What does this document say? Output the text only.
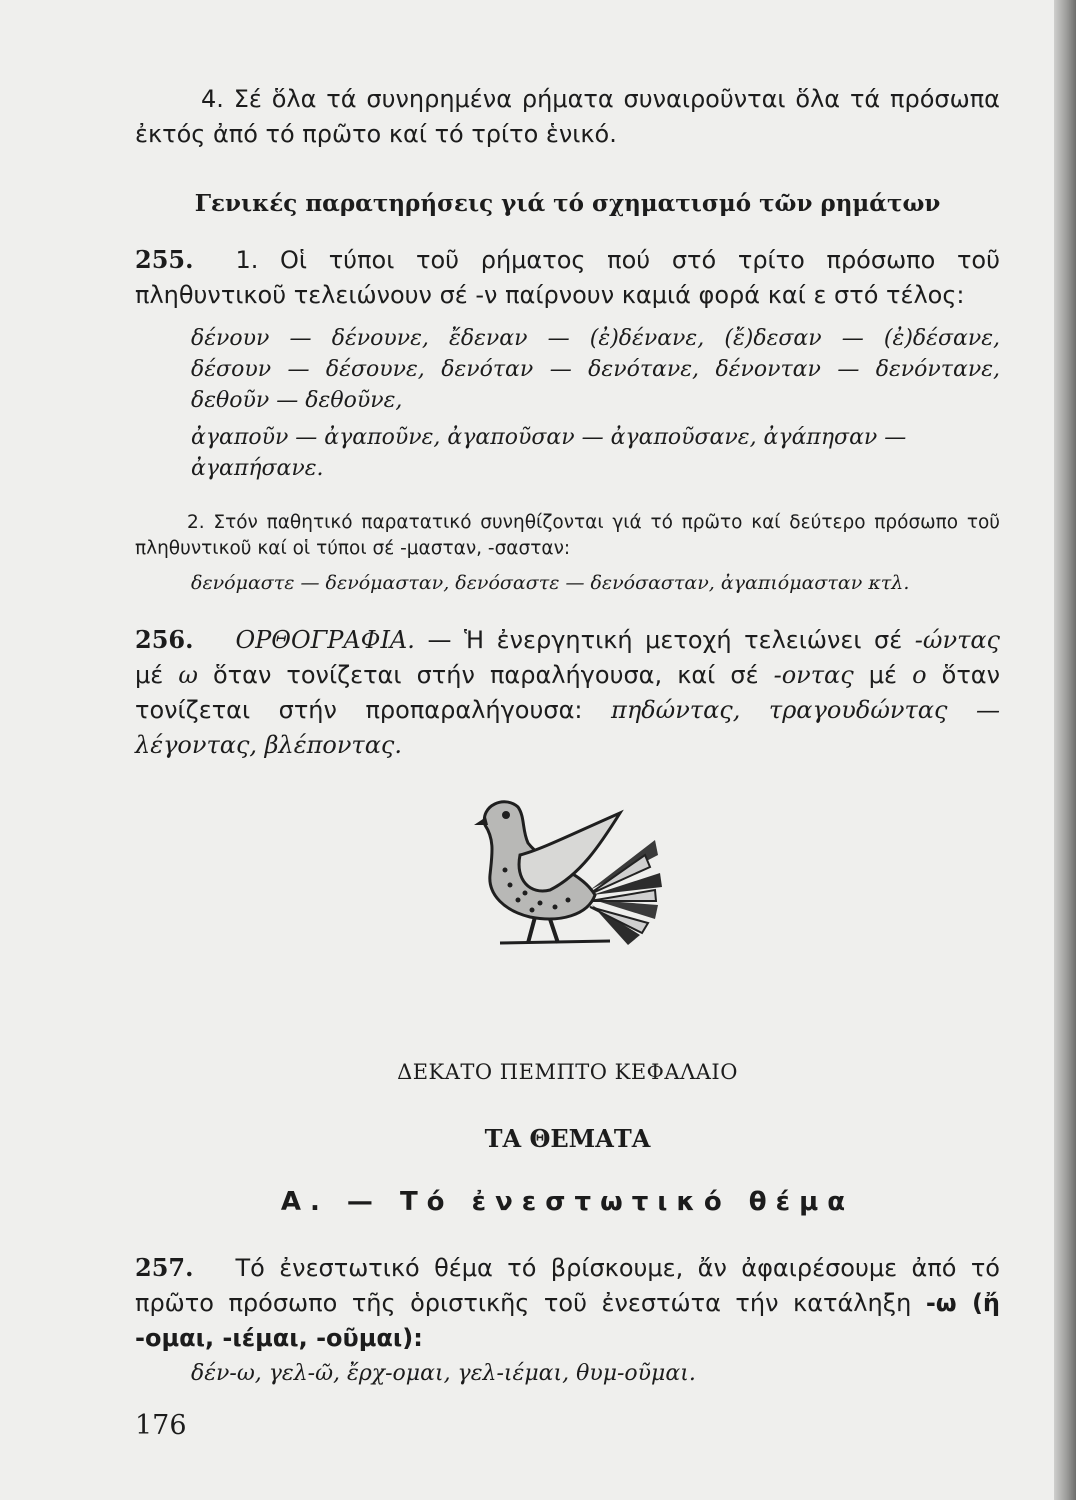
4. Σέ ὅλα τά συνηρημένα ρήματα συναιροῦνται ὅλα τά πρόσωπα ἐκτός ἀπό τό πρῶτο καί τό τρίτο ἑνικό.
Γενικές παρατηρήσεις γιά τό σχηματισμό τῶν ρημάτων
255. 1. Οἱ τύποι τοῦ ρήματος πού στό τρίτο πρόσωπο τοῦ πληθυντικοῦ τελειώνουν σέ -ν παίρνουν καμιά φορά καί ε στό τέλος:
δένουν — δένουνε, ἔδεναν — (ἐ)δένανε, (ἔ)δεσαν — (ἐ)δέσανε,
δέσουν — δέσουνε, δενόταν — δενότανε, δένονταν — δενόντανε,
δεθοῦν — δεθοῦνε,
ἀγαποῦν — ἀγαποῦνε, ἀγαποῦσαν — ἀγαποῦσανε, ἀγάπησαν — ἀγαπήσανε.
2. Στόν παθητικό παρατατικό συνηθίζονται γιά τό πρῶτο καί δεύτερο πρόσωπο τοῦ πληθυντικοῦ καί οἱ τύποι σέ -μασταν, -σασταν:
δενόμαστε — δενόμασταν, δενόσαστε — δενόσασταν, ἀγαπιόμασταν κτλ.
256. ΟΡΘΟΓΡΑΦΙΑ. — Ἡ ἐνεργητική μετοχή τελειώνει σέ -ώντας μέ ω ὅταν τονίζεται στήν παραλήγουσα, καί σέ -οντας μέ ο ὅταν τονίζεται στήν προπαραλήγουσα: πηδώντας, τραγουδώντας — λέγοντας, βλέποντας.
ΔΕΚΑΤΟ ΠΕΜΠΤΟ ΚΕΦΑΛΑΙΟ
ΤΑ ΘΕΜΑΤΑ
Α. — Τό ἐνεστωτικό θέμα
257. Τό ἐνεστωτικό θέμα τό βρίσκουμε, ἄν ἀφαιρέσουμε ἀπό τό πρῶτο πρόσωπο τῆς ὁριστικῆς τοῦ ἐνεστώτα τήν κατάληξη -ω (ἤ -ομαι, -ιέμαι, -οῦμαι):
δέν-ω, γελ-ῶ, ἔρχ-ομαι, γελ-ιέμαι, θυμ-οῦμαι.
176
